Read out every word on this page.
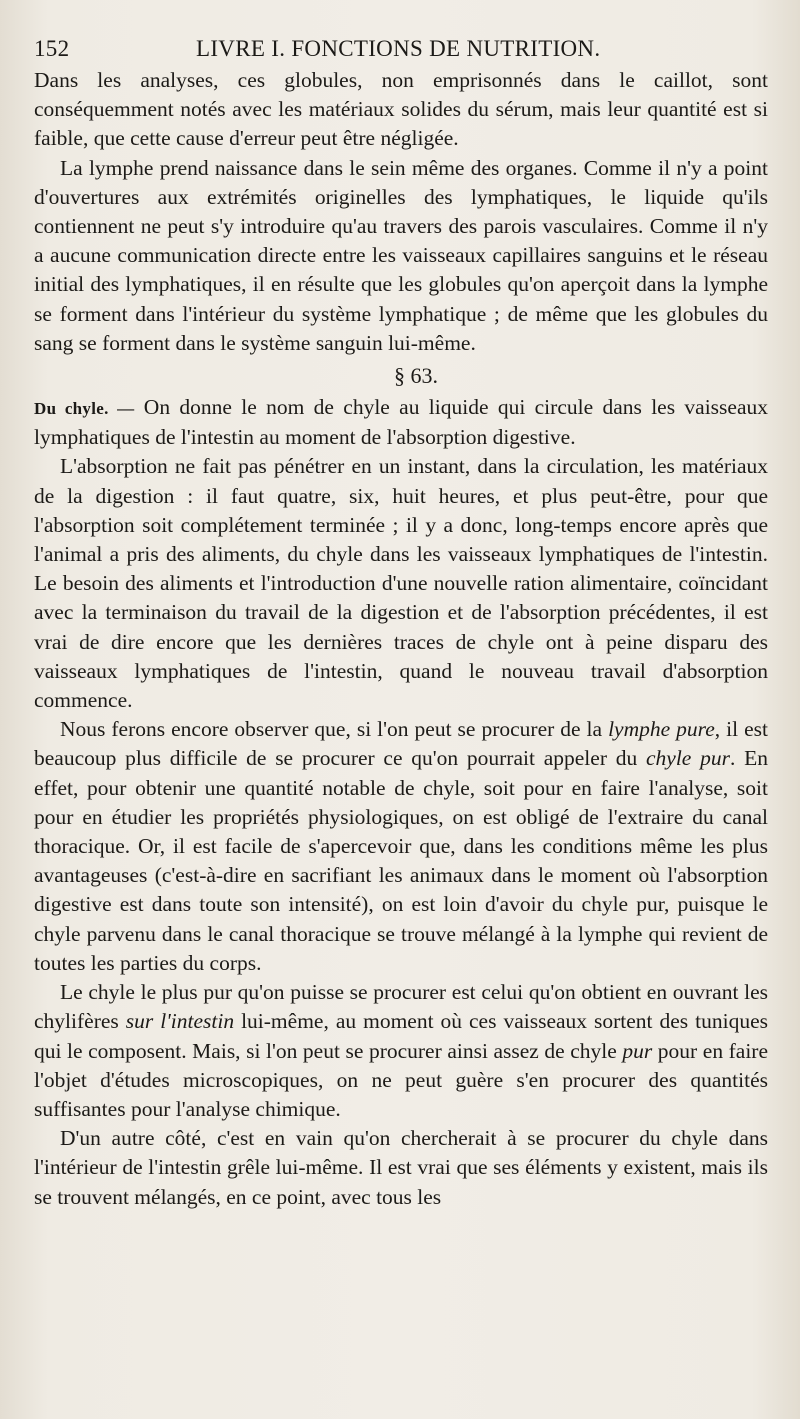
152	LIVRE I. FONCTIONS DE NUTRITION.

Dans les analyses, ces globules, non emprisonnés dans le caillot, sont conséquemment notés avec les matériaux solides du sérum, mais leur quantité est si faible, que cette cause d'erreur peut être négligée.

La lymphe prend naissance dans le sein même des organes. Comme il n'y a point d'ouvertures aux extrémités originelles des lymphatiques, le liquide qu'ils contiennent ne peut s'y introduire qu'au travers des parois vasculaires. Comme il n'y a aucune communication directe entre les vaisseaux capillaires sanguins et le réseau initial des lymphatiques, il en résulte que les globules qu'on aperçoit dans la lymphe se forment dans l'intérieur du système lymphatique ; de même que les globules du sang se forment dans le système sanguin lui-même.

§ 63.

Du chyle. — On donne le nom de chyle au liquide qui circule dans les vaisseaux lymphatiques de l'intestin au moment de l'absorption digestive.

L'absorption ne fait pas pénétrer en un instant, dans la circulation, les matériaux de la digestion : il faut quatre, six, huit heures, et plus peut-être, pour que l'absorption soit complétement terminée ; il y a donc, long-temps encore après que l'animal a pris des aliments, du chyle dans les vaisseaux lymphatiques de l'intestin. Le besoin des aliments et l'introduction d'une nouvelle ration alimentaire, coïncidant avec la terminaison du travail de la digestion et de l'absorption précédentes, il est vrai de dire encore que les dernières traces de chyle ont à peine disparu des vaisseaux lymphatiques de l'intestin, quand le nouveau travail d'absorption commence.

Nous ferons encore observer que, si l'on peut se procurer de la lymphe pure, il est beaucoup plus difficile de se procurer ce qu'on pourrait appeler du chyle pur. En effet, pour obtenir une quantité notable de chyle, soit pour en faire l'analyse, soit pour en étudier les propriétés physiologiques, on est obligé de l'extraire du canal thoracique. Or, il est facile de s'apercevoir que, dans les conditions même les plus avantageuses (c'est-à-dire en sacrifiant les animaux dans le moment où l'absorption digestive est dans toute son intensité), on est loin d'avoir du chyle pur, puisque le chyle parvenu dans le canal thoracique se trouve mélangé à la lymphe qui revient de toutes les parties du corps.

Le chyle le plus pur qu'on puisse se procurer est celui qu'on obtient en ouvrant les chylifères sur l'intestin lui-même, au moment où ces vaisseaux sortent des tuniques qui le composent. Mais, si l'on peut se procurer ainsi assez de chyle pur pour en faire l'objet d'études microscopiques, on ne peut guère s'en procurer des quantités suffisantes pour l'analyse chimique.

D'un autre côté, c'est en vain qu'on chercherait à se procurer du chyle dans l'intérieur de l'intestin grêle lui-même. Il est vrai que ses éléments y existent, mais ils se trouvent mélangés, en ce point, avec tous les
